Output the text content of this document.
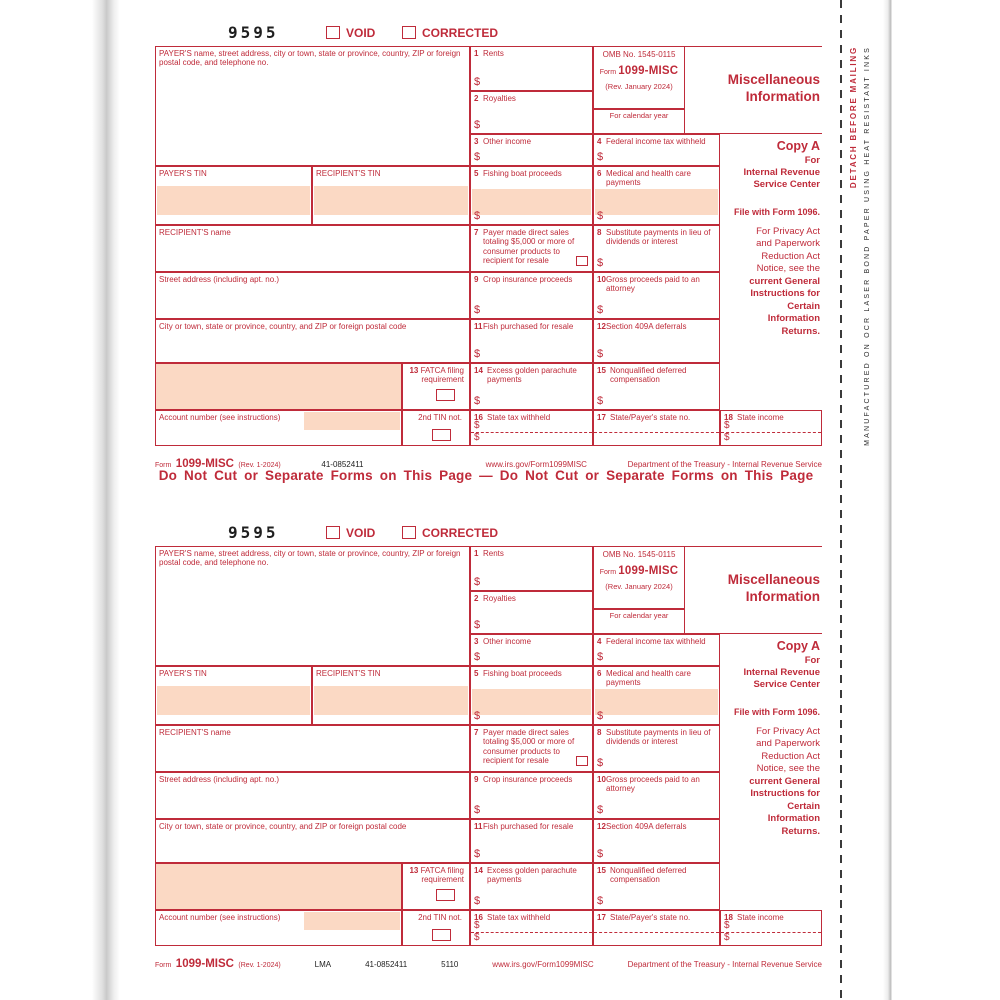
DETACH BEFORE MAILING MANUFACTURED ON OCR LASER BOND PAPER USING HEAT RESISTANT INKS
9595	VOID	CORRECTED
PAYER'S name, street address, city or town, state or province, country, ZIP or foreign postal code, and telephone no.
1 Rents
$
2 Royalties
$
OMB No. 1545-0115
Form 1099-MISC
(Rev. January 2024)
For calendar year
3 Other income
$
4 Federal income tax withheld
$
Miscellaneous
Information
PAYER'S TIN	RECIPIENT'S TIN	5 Fishing boat proceeds
$
6 Medical and health care payments
$
RECIPIENT'S name	7 Payer made direct sales totaling $5,000 or more of consumer products to recipient for resale
8 Substitute payments in lieu of dividends or interest
$
Street address (including apt. no.)	9 Crop insurance proceeds
$
10 Gross proceeds paid to an attorney
$
City or town, state or province, country, and ZIP or foreign postal code	11 Fish purchased for resale
$
12 Section 409A deferrals
$
13 FATCA filing requirement
14 Excess golden parachute payments
$
15 Nonqualified deferred compensation
$
Copy A
For
Internal Revenue
Service Center
File with Form 1096.
For Privacy Act
and Paperwork
Reduction Act
Notice, see the
current General
Instructions for
Certain
Information
Returns.
Account number (see instructions)	2nd TIN not.	16 State tax withheld
$
$
17 State/Payer's state no.	18 State income
$
$
Form 1099-MISC (Rev. 1-2024)	41-0852411	www.irs.gov/Form1099MISC	Department of the Treasury - Internal Revenue Service
9595	VOID	CORRECTED
PAYER'S name, street address, city or town, state or province, country, ZIP or foreign postal code, and telephone no.
1 Rents
$
2 Royalties
$
OMB No. 1545-0115
Form 1099-MISC
(Rev. January 2024)
For calendar year
3 Other income
$
4 Federal income tax withheld
$
Miscellaneous
Information
PAYER'S TIN	RECIPIENT'S TIN	5 Fishing boat proceeds
$
6 Medical and health care payments
$
RECIPIENT'S name	7 Payer made direct sales totaling $5,000 or more of consumer products to recipient for resale
8 Substitute payments in lieu of dividends or interest
$
Street address (including apt. no.)	9 Crop insurance proceeds
$
10 Gross proceeds paid to an attorney
$
City or town, state or province, country, and ZIP or foreign postal code	11 Fish purchased for resale
$
12 Section 409A deferrals
$
13 FATCA filing requirement
14 Excess golden parachute payments
$
15 Nonqualified deferred compensation
$
Copy A
For
Internal Revenue
Service Center
File with Form 1096.
For Privacy Act
and Paperwork
Reduction Act
Notice, see the
current General
Instructions for
Certain
Information
Returns.
Account number (see instructions)	2nd TIN not.	16 State tax withheld
$
$
17 State/Payer's state no.	18 State income
$
$
Form 1099-MISC (Rev. 1-2024)	LMA	41-0852411	5110	www.irs.gov/Form1099MISC	Department of the Treasury - Internal Revenue Service
Do Not Cut or Separate Forms on This Page — Do Not Cut or Separate Forms on This Page
